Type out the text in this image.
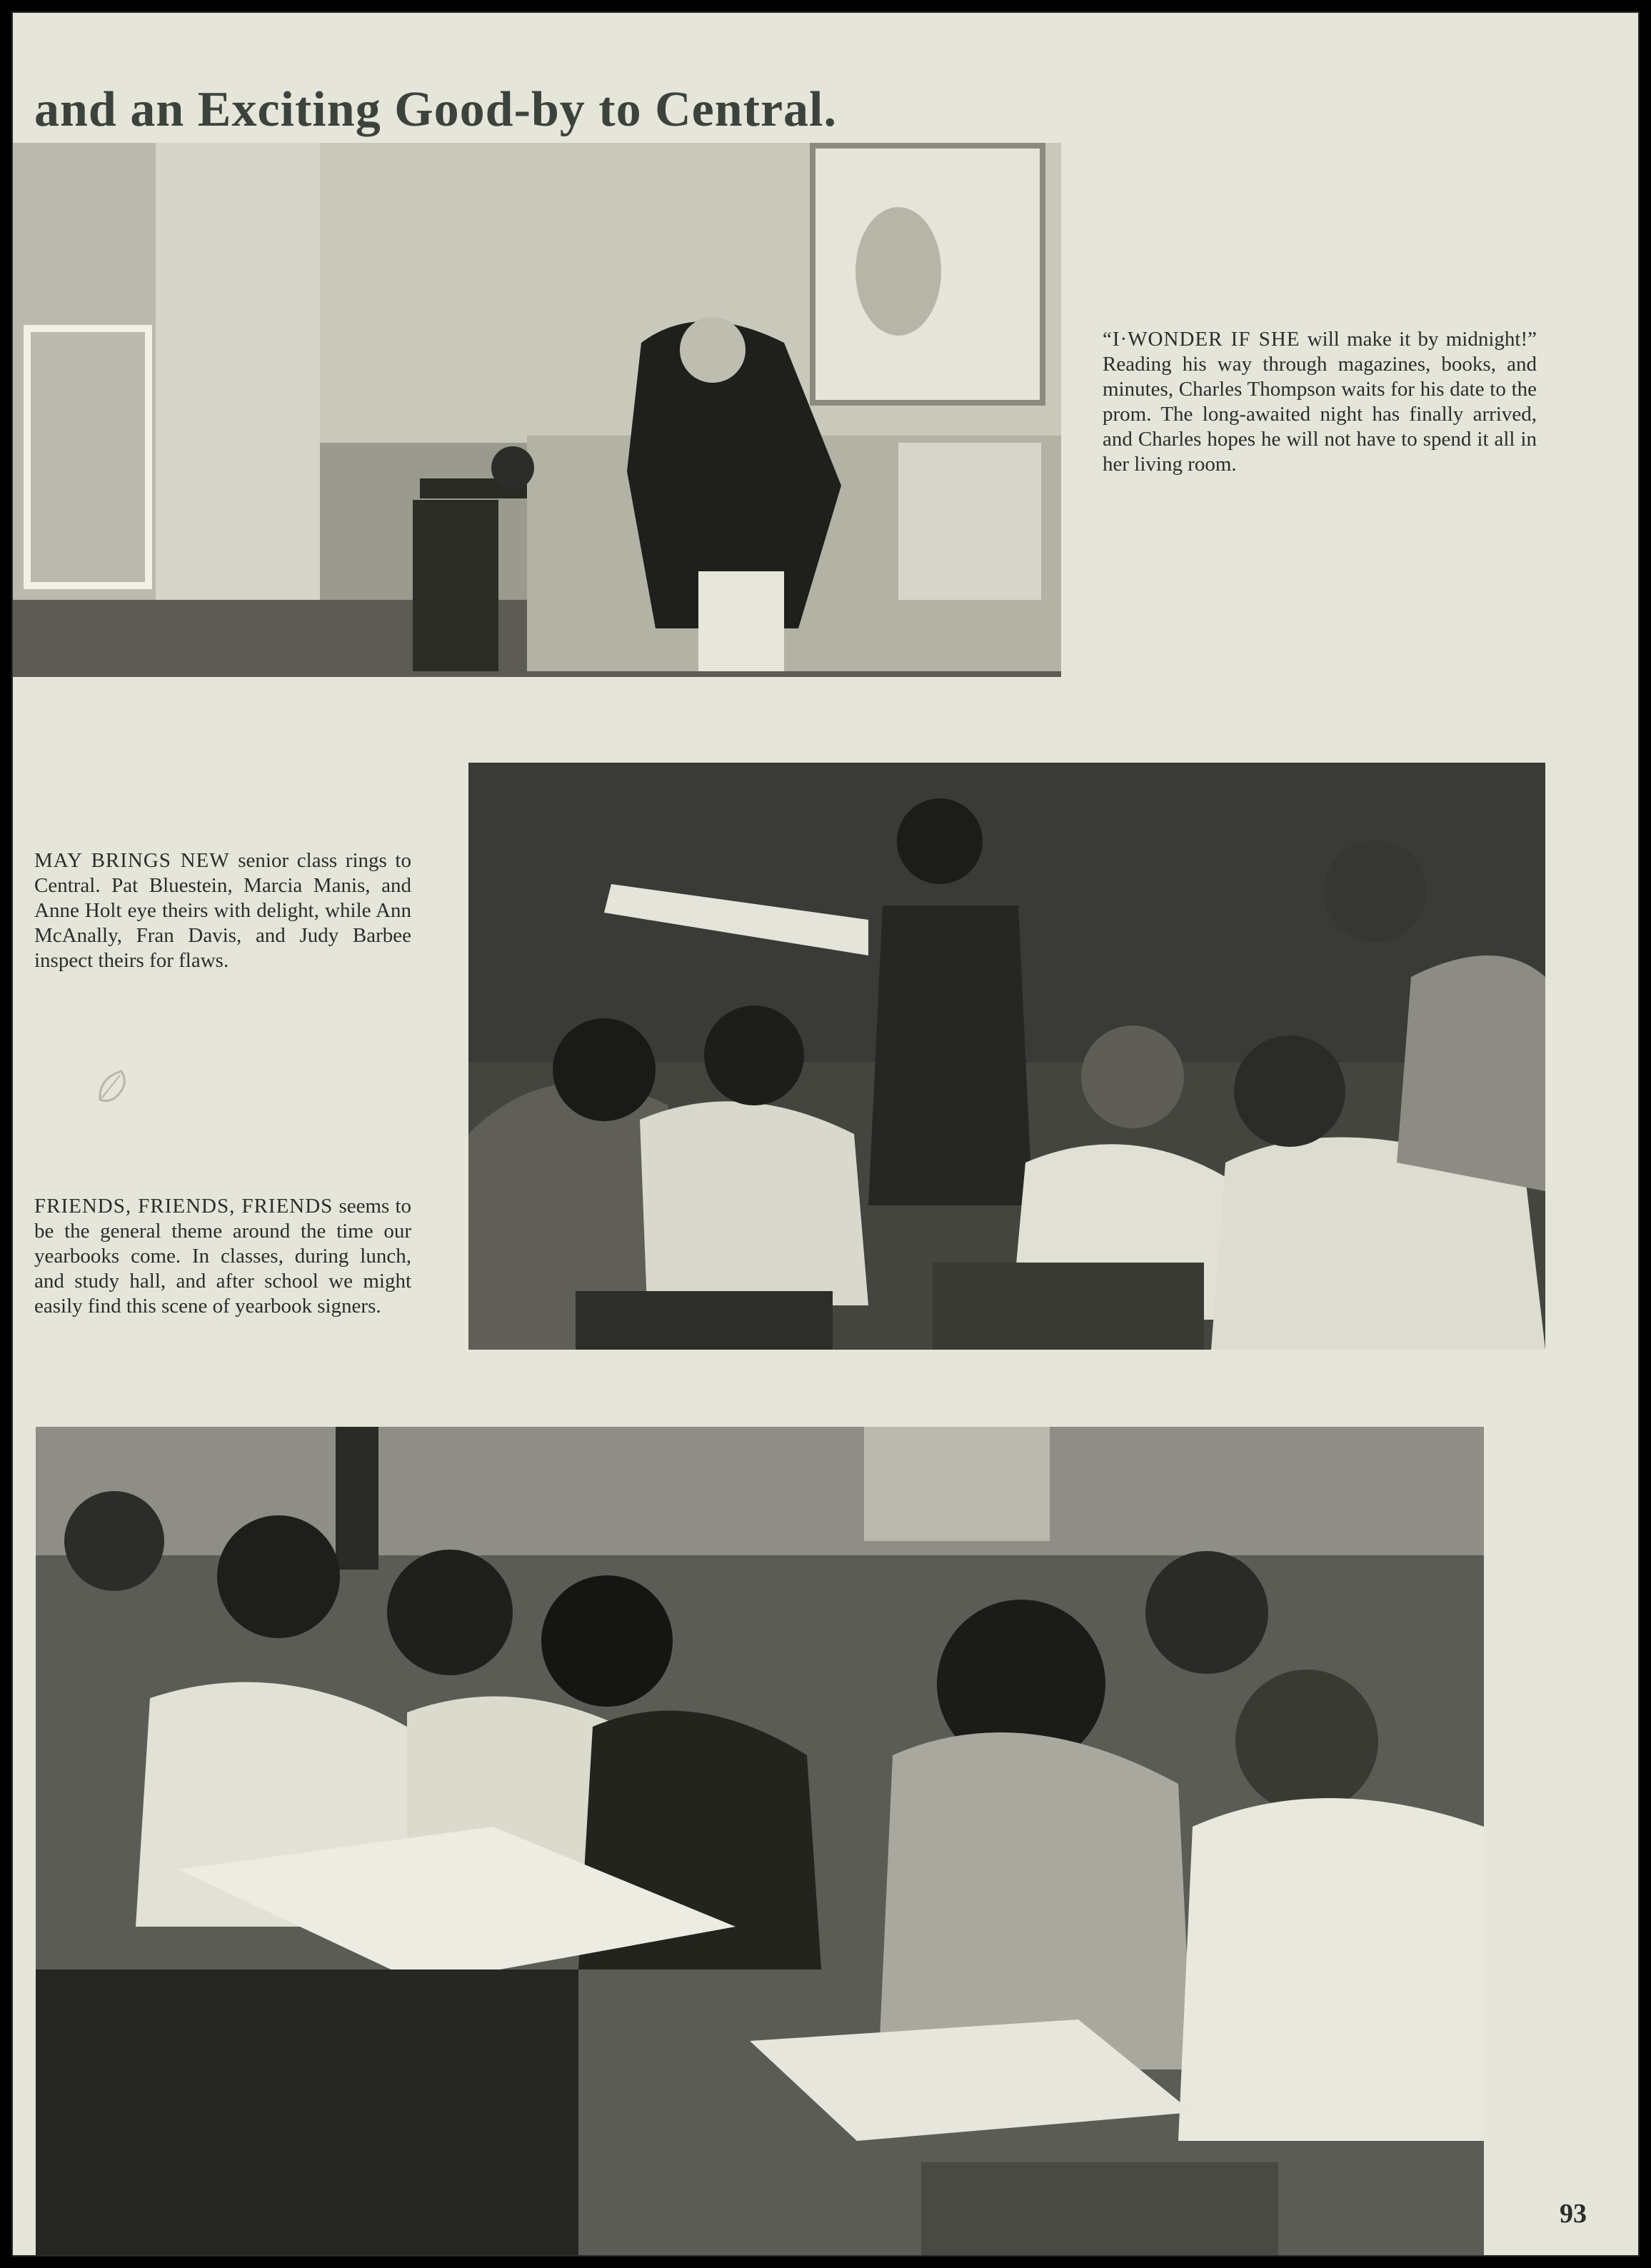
and an Exciting Good-by to Central.

“I·WONDER IF SHE will make it by midnight!” Reading his way through magazines, books, and minutes, Charles Thompson waits for his date to the prom. The long-awaited night has finally arrived, and Charles hopes he will not have to spend it all in her living room.

MAY BRINGS NEW senior class rings to Central. Pat Bluestein, Marcia Manis, and Anne Holt eye theirs with delight, while Ann McAnally, Fran Davis, and Judy Barbee inspect theirs for flaws.

FRIENDS, FRIENDS, FRIENDS seems to be the general theme around the time our yearbooks come. In classes, during lunch, and study hall, and after school we might easily find this scene of yearbook signers.

93
